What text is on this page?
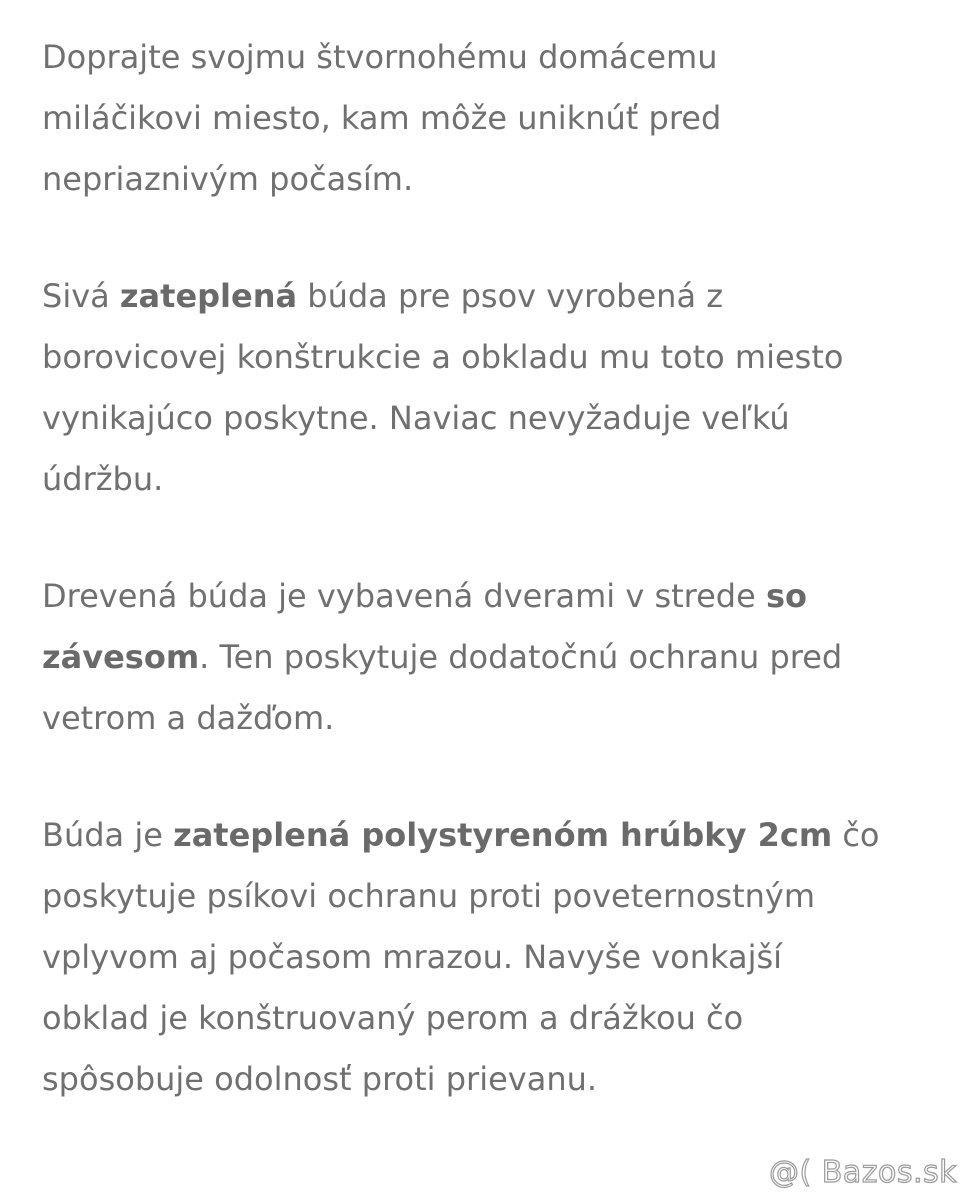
Doprajte svojmu štvornohému domácemu
miláčikovi miesto, kam môže uniknúť pred
nepriaznivým počasím.

Sivá zateplená búda pre psov vyrobená z
borovicovej konštrukcie a obkladu mu toto miesto
vynikajúco poskytne. Naviac nevyžaduje veľkú
údržbu.

Drevená búda je vybavená dverami v strede so
závesom. Ten poskytuje dodatočnú ochranu pred
vetrom a dažďom.

Búda je zateplená polystyrenóm hrúbky 2cm čo
poskytuje psíkovi ochranu proti poveternostným
vplyvom aj počasom mrazou. Navyše vonkajší
obklad je konštruovaný perom a drážkou čo
spôsobuje odolnosť proti prievanu.

@( Bazos.sk
